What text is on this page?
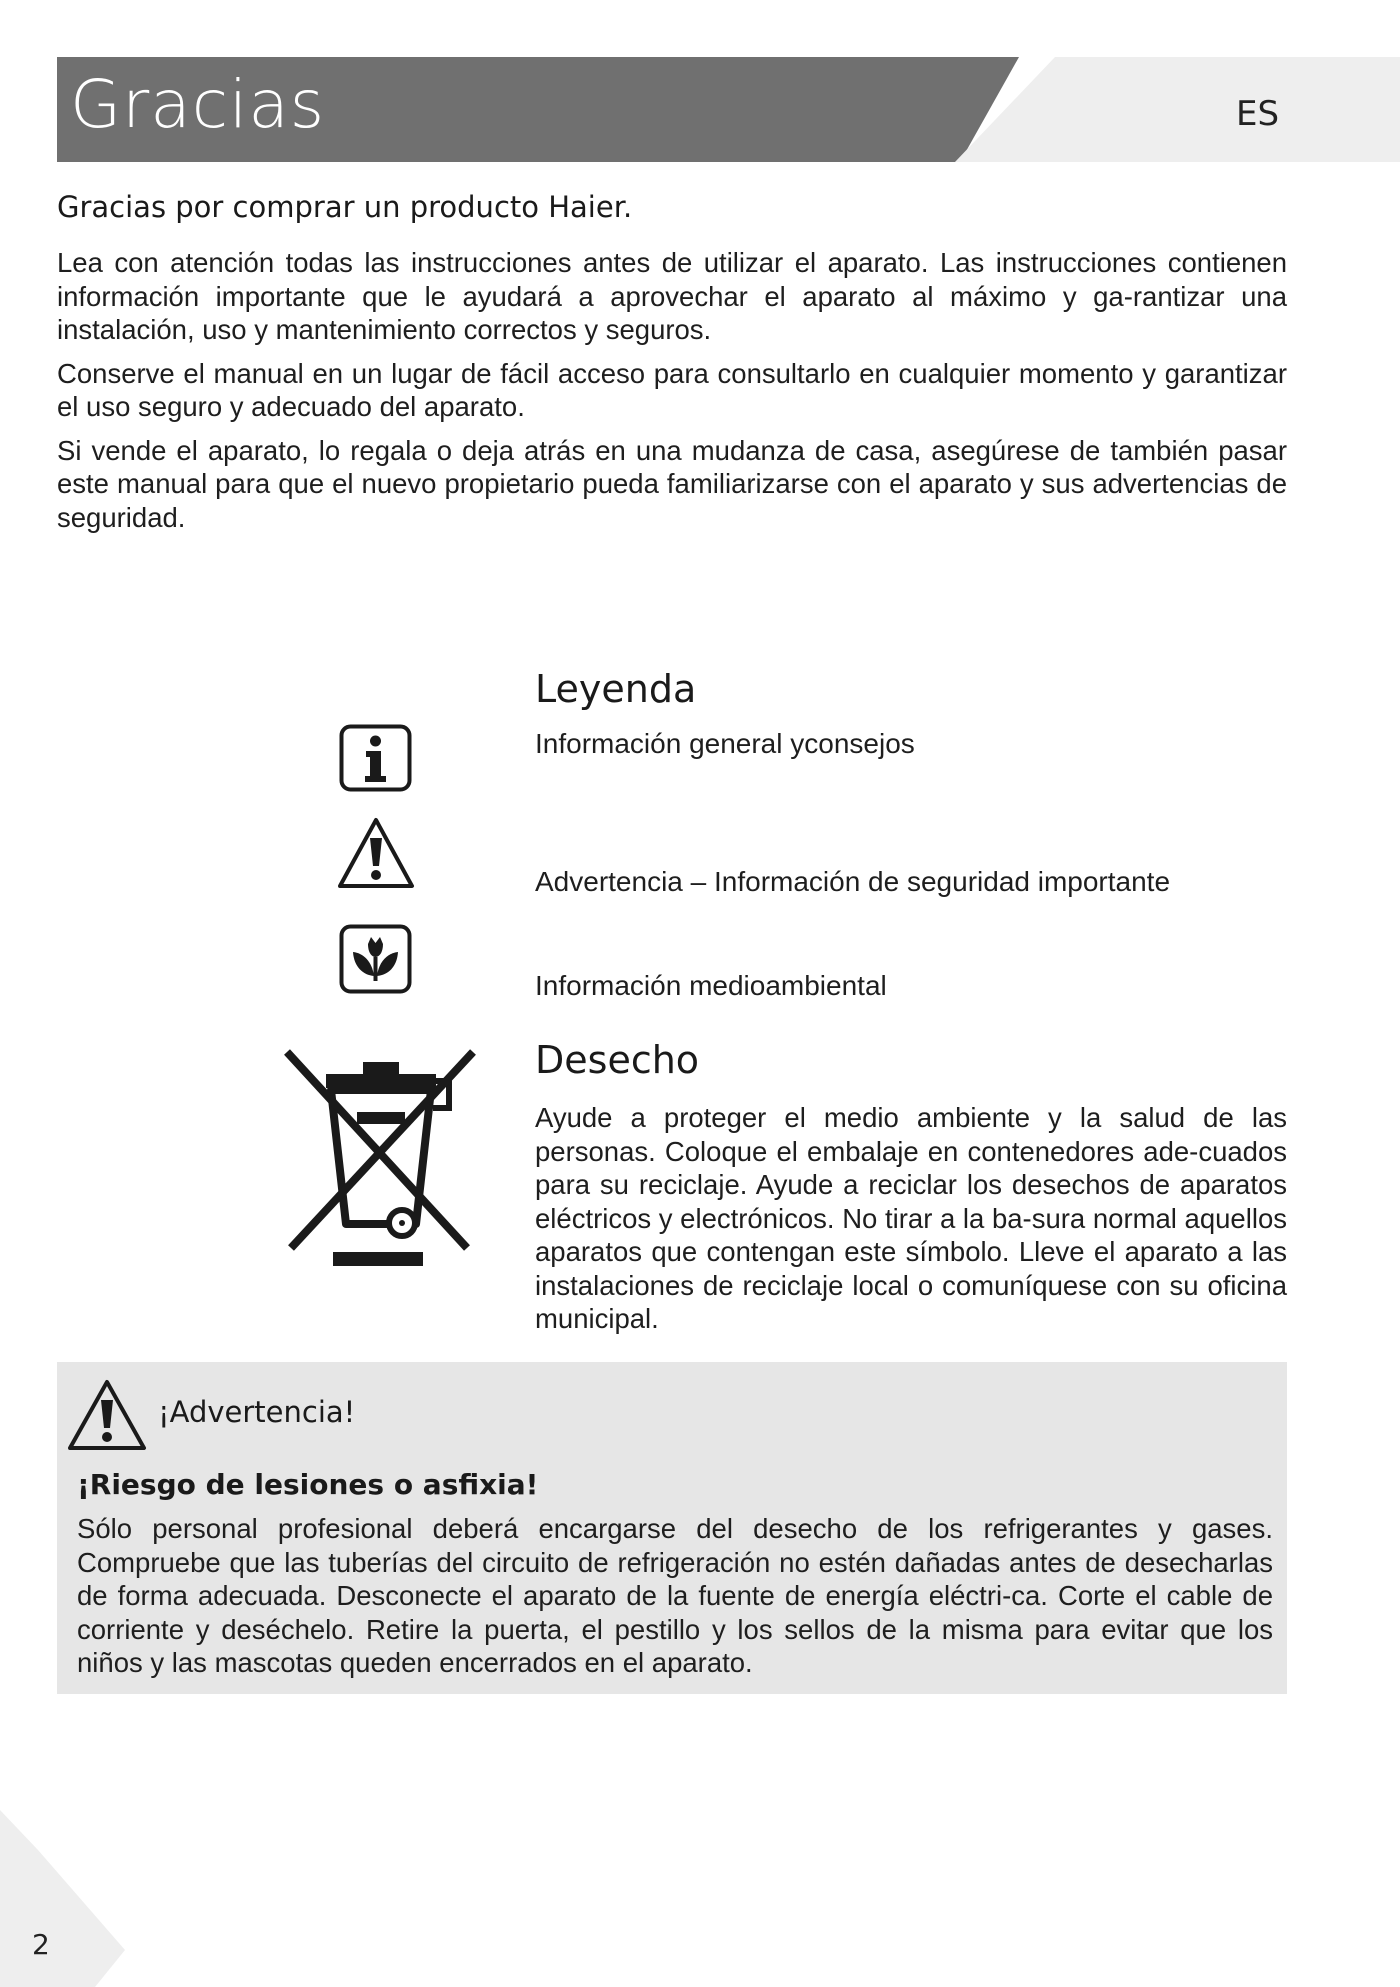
Gracias	ES
Gracias por comprar un producto Haier.

Lea con atención todas las instrucciones antes de utilizar el aparato. Las instrucciones contienen información importante que le ayudará a aprovechar el aparato al máximo y ga-rantizar una instalación, uso y mantenimiento correctos y seguros.

Conserve el manual en un lugar de fácil acceso para consultarlo en cualquier momento y garantizar el uso seguro y adecuado del aparato.

Si vende el aparato, lo regala o deja atrás en una mudanza de casa, asegúrese de también pasar este manual para que el nuevo propietario pueda familiarizarse con el aparato y sus advertencias de seguridad.

Leyenda
Información general yconsejos
Advertencia – Información de seguridad importante
Información medioambiental
Desecho

Ayude a proteger el medio ambiente y la salud de las personas. Coloque el embalaje en contenedores ade-cuados para su reciclaje. Ayude a reciclar los desechos de aparatos eléctricos y electrónicos. No tirar a la ba-sura normal aquellos aparatos que contengan este símbolo. Lleve el aparato a las instalaciones de reciclaje local o comuníquese con su oficina municipal.

¡Advertencia!
¡Riesgo de lesiones o asfixia!

Sólo personal profesional deberá encargarse del desecho de los refrigerantes y gases. Compruebe que las tuberías del circuito de refrigeración no estén dañadas antes de desecharlas de forma adecuada. Desconecte el aparato de la fuente de energía eléctri-ca. Corte el cable de corriente y deséchelo. Retire la puerta, el pestillo y los sellos de la misma para evitar que los niños y las mascotas queden encerrados en el aparato.

2
